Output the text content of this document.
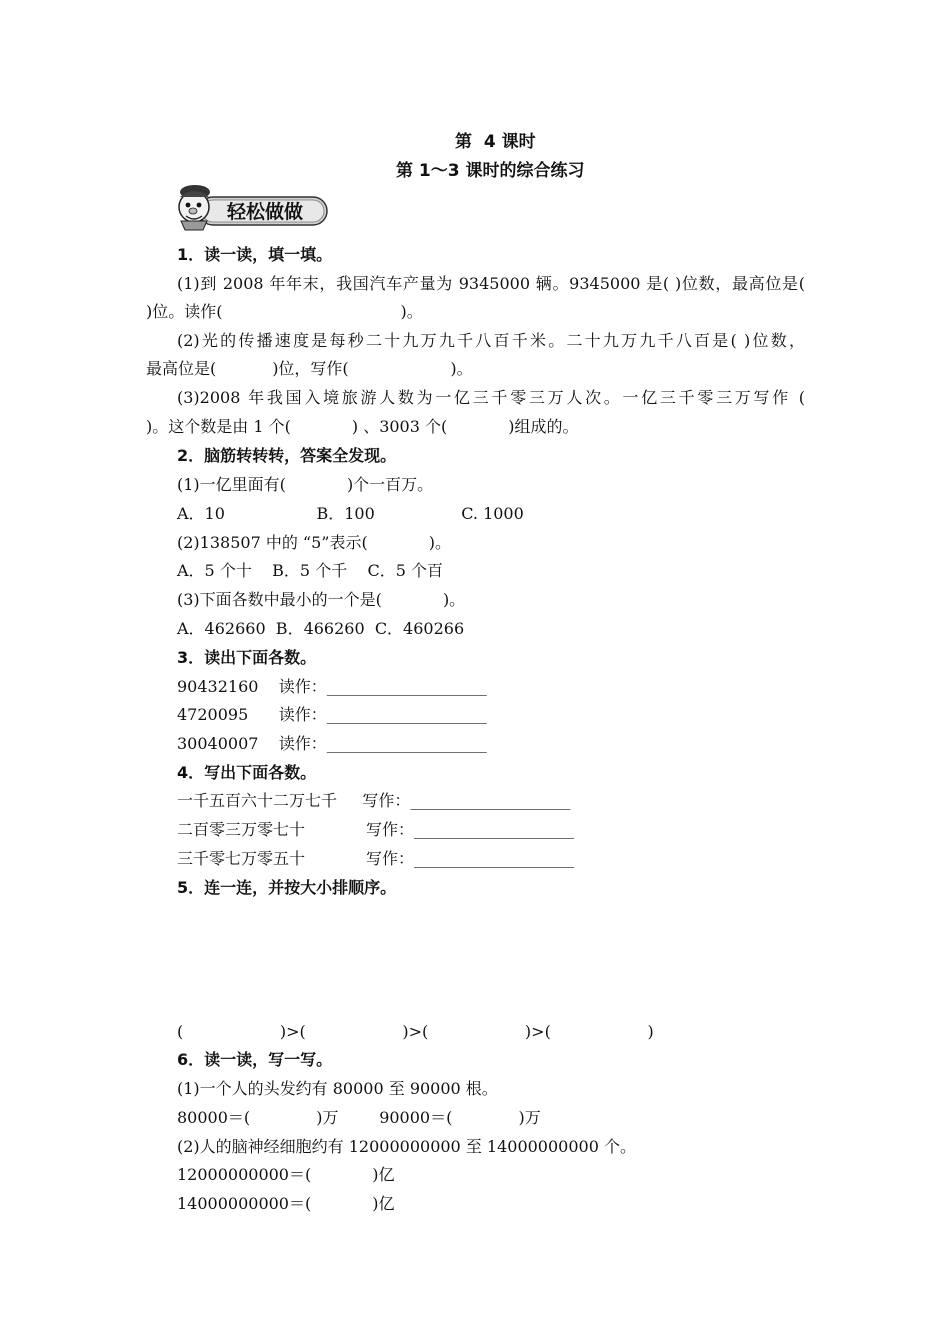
第  4 课时
第 1～3 课时的综合练习
轻松做做
1．读一读，填一填。
(1)到 2008 年年末，我国汽车产量为 9345000 辆。9345000 是( )位数，最高位是(
)位。读作(                                   )。
(2)光的传播速度是每秒二十九万九千八百千米。二十九万九千八百是( )位数，
最高位是(           )位，写作(                    )。
(3)2008 年我国入境旅游人数为一亿三千零三万人次。一亿三千零三万写作 (
)。这个数是由 1 个(            ) 、3003 个(            )组成的。
2．脑筋转转转，答案全发现。
(1)一亿里面有(            )个一百万。
A．10                  B．100                 C. 1000
(2)138507 中的 “5”表示(            )。
A．5 个十    B．5 个千    C．5 个百
(3)下面各数中最小的一个是(            )。
A．462660  B．466260  C．460266
3．读出下面各数。
90432160    读作：____________________
4720095      读作：____________________
30040007    读作：____________________
4．写出下面各数。
一千五百六十二万七千     写作：____________________
二百零三万零七十            写作：____________________
三千零七万零五十            写作：____________________
5．连一连，并按大小排顺序。
(                   )>(                   )>(                   )>(                   )
6．读一读，写一写。
(1)一个人的头发约有 80000 至 90000 根。
80000＝(             )万        90000＝(             )万
(2)人的脑神经细胞约有 12000000000 至 14000000000 个。
12000000000＝(            )亿
14000000000＝(            )亿
